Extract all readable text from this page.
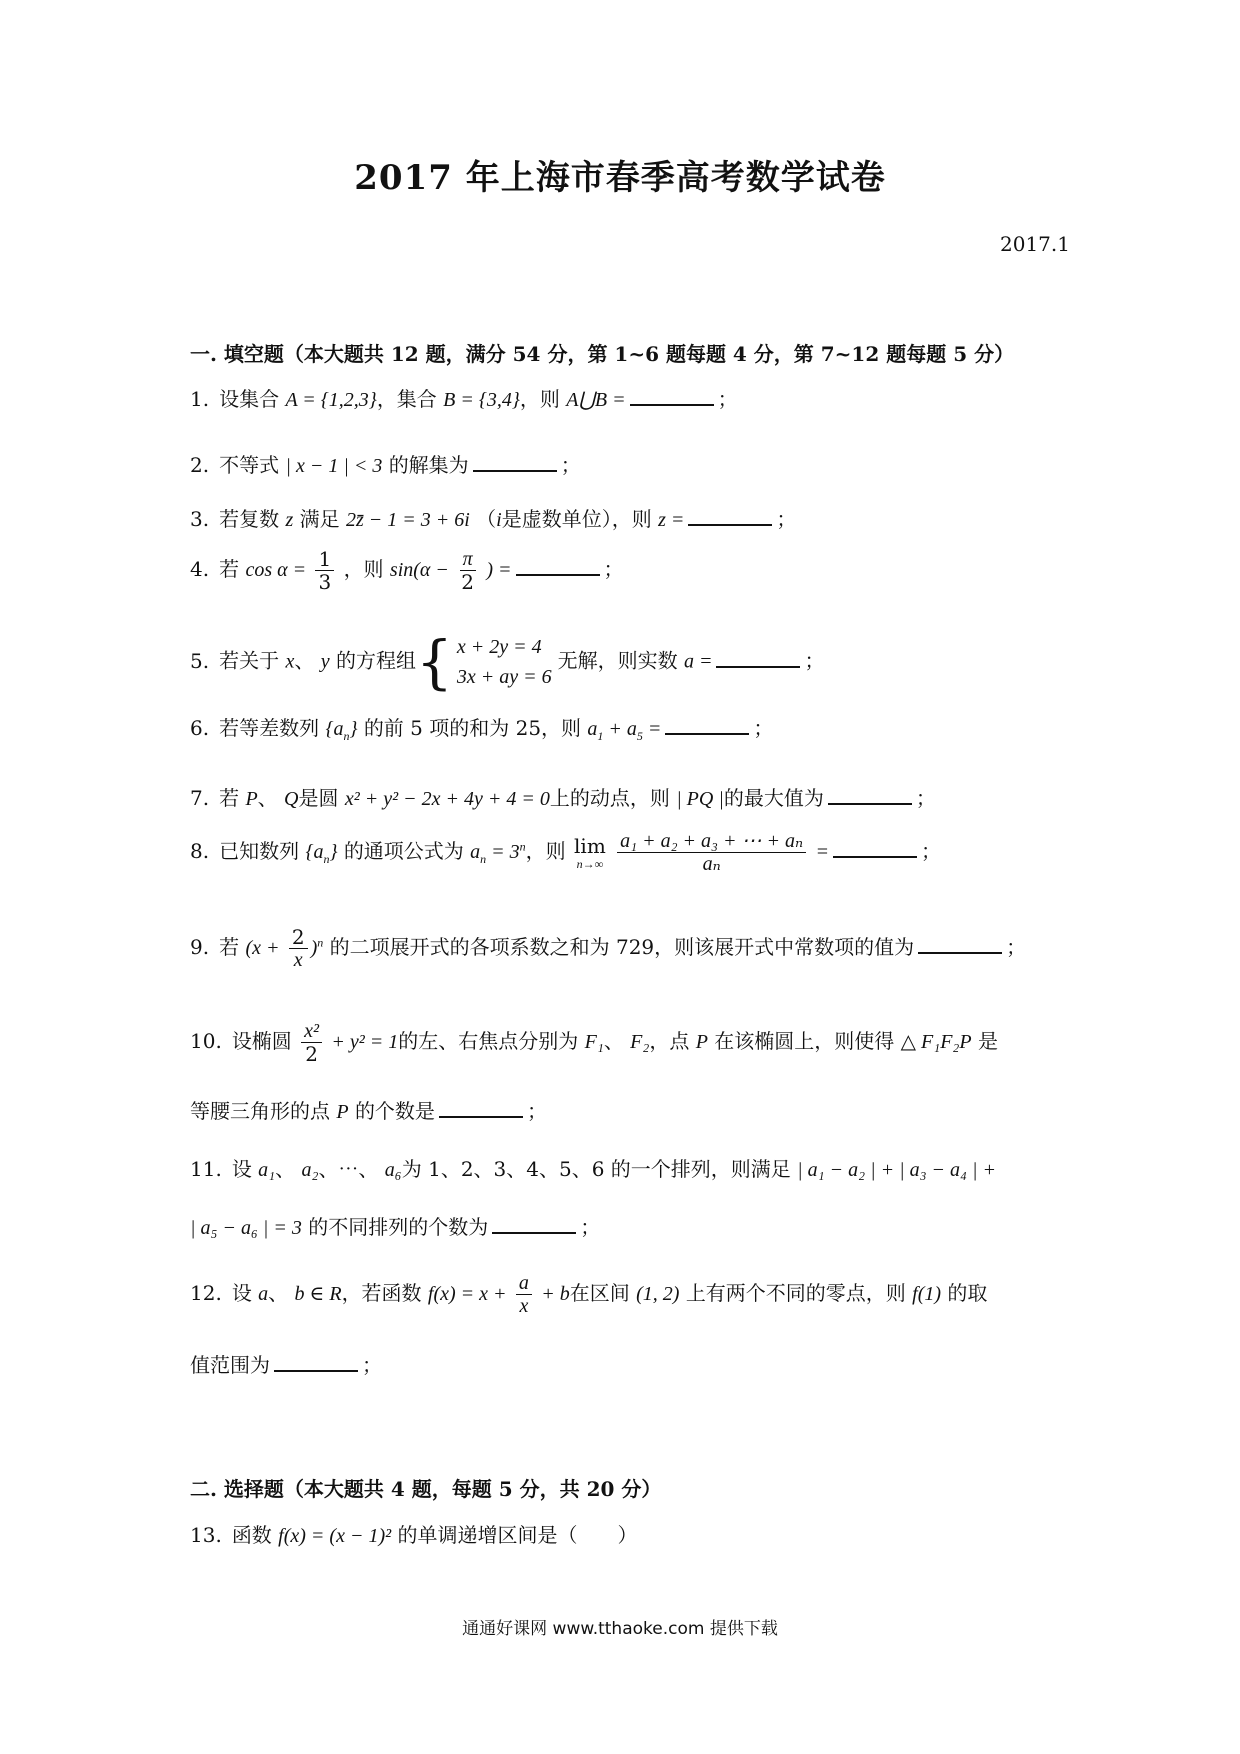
2017 年上海市春季高考数学试卷
2017.1
一. 填空题（本大题共 12 题，满分 54 分，第 1~6 题每题 4 分，第 7~12 题每题 5 分）
1. 设集合 A = {1,2,3}，集合 B = {3,4}，则 A⋃B =	；
2. 不等式 | x − 1 | < 3 的解集为	；
3. 若复数 z 满足 2z̄ − 1 = 3 + 6i （i是虚数单位），则 z =	；
4. 若 $\cos \alpha = \frac{1}{3}$ ，则 $\sin(\alpha - \frac{\pi}{2}$ ) =	；
5. 若关于 x、 y 的方程组 { x + 2y = 4
3x + ay = 6
无解，则实数 a =	；
6. 若等差数列 $\{a_n\}$ 的前 5 项的和为 25，则 $a_1 + a_5$ =	；
7. 若 P、 Q是圆 x² + y² − 2x + 4y + 4 = 0上的动点，则 | PQ |的最大值为	；
8. 已知数列 $\{a_n\}$ 的通项公式为 $a_n = 3^n$，则 lim
n→∞
$\frac{\text{a₁ + a₂ + a₃ + ⋯ + aₙ}}{\text{aₙ}}$ =	；
9. 若 $(x + \frac{2}{x} )^n$ 的二项展开式的各项系数之和为 729，则该展开式中常数项的值为	；
10. 设椭圆 $\frac{\text{x²}}{2} + y^2 = 1$的左、右焦点分别为 F₁、 F₂，点 P 在该椭圆上，则使得 △ F₁F₂P 是
等腰三角形的点 P 的个数是	；
11. 设 a₁、 a₂、⋯、 a₆为 1、2、3、4、5、6 的一个排列，则满足 | a₁ − a₂ | + | a₃ − a₄ | +
| a₅ − a₆ | = 3 的不同排列的个数为	；
12. 设 a、 b ∈ R，若函数 $f(x) = x + \frac{a}{x} + b$在区间 (1, 2) 上有两个不同的零点，则 f(1) 的取
值范围为	；
二. 选择题（本大题共 4 题，每题 5 分，共 20 分）
13. 函数 f(x) = (x − 1)² 的单调递增区间是（　　）
通通好课网 www.tthaoke.com 提供下载
